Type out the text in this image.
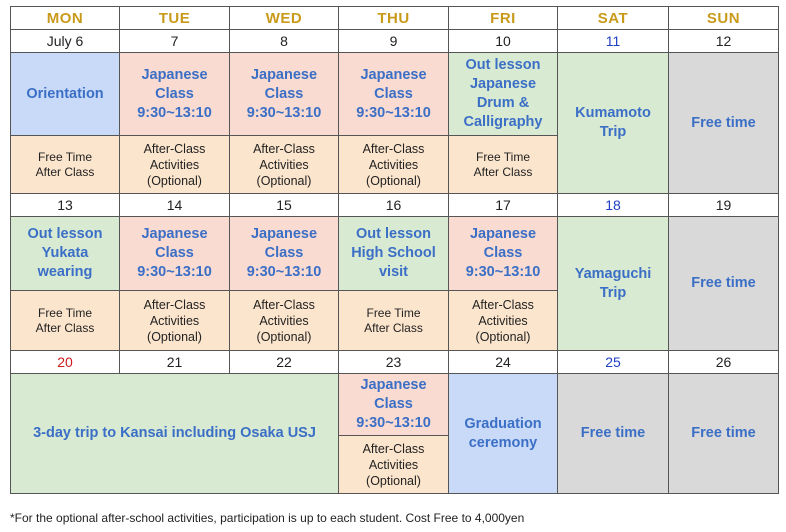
MON	TUE	WED	THU	FRI	SAT	SUN
July 6	7	8	9	10	11	12
Orientation	Japanese
Class
9:30~13:10	Japanese
Class
9:30~13:10	Japanese
Class
9:30~13:10	Out lesson
Japanese
Drum &
Calligraphy	Kumamoto
Trip	Free time
Free Time
After Class	After-Class
Activities
(Optional)	After-Class
Activities
(Optional)	After-Class
Activities
(Optional)	Free Time
After Class		
13	14	15	16	17	18	19
Out lesson
Yukata
wearing	Japanese
Class
9:30~13:10	Japanese
Class
9:30~13:10	Out lesson
High School
visit	Japanese
Class
9:30~13:10	Yamaguchi
Trip	Free time
Free Time
After Class	After-Class
Activities
(Optional)	After-Class
Activities
(Optional)	Free Time
After Class	After-Class
Activities
(Optional)		
20	21	22	23	24	25	26
3-day trip to Kansai including Osaka USJ			Japanese
Class
9:30~13:10	Graduation
ceremony	Free time	Free time
			After-Class
Activities
(Optional)			
*For the optional after-school activities, participation is up to each student. Cost Free to 4,000yen
